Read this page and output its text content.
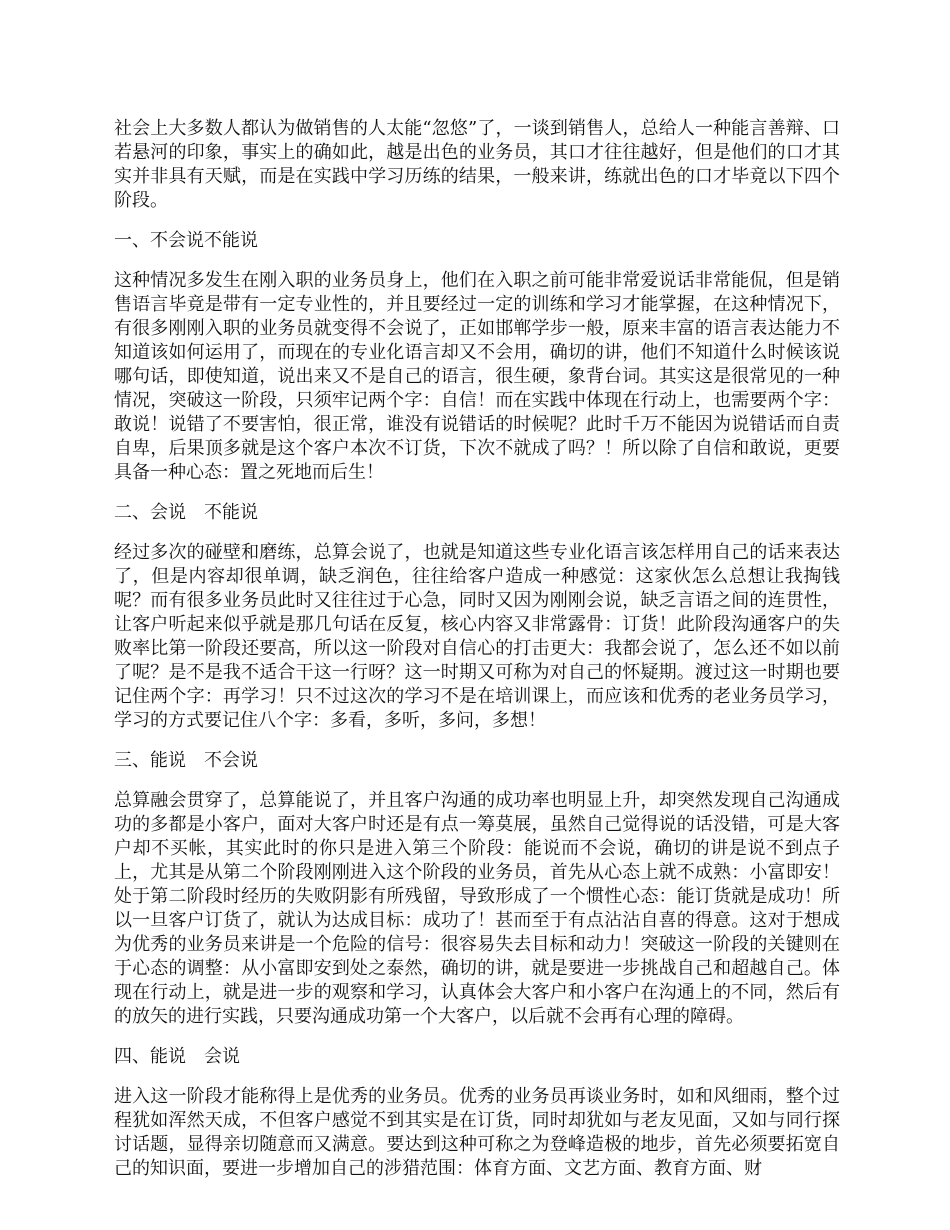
社会上大多数人都认为做销售的人太能“忽悠”了，一谈到销售人，总给人一种能言善辩、口若悬河的印象，事实上的确如此，越是出色的业务员，其口才往往越好，但是他们的口才其实并非具有天赋，而是在实践中学习历练的结果，一般来讲，练就出色的口才毕竟以下四个阶段。

一、不会说不能说

这种情况多发生在刚入职的业务员身上，他们在入职之前可能非常爱说话非常能侃，但是销售语言毕竟是带有一定专业性的，并且要经过一定的训练和学习才能掌握，在这种情况下，有很多刚刚入职的业务员就变得不会说了，正如邯郸学步一般，原来丰富的语言表达能力不知道该如何运用了，而现在的专业化语言却又不会用，确切的讲，他们不知道什么时候该说哪句话，即使知道，说出来又不是自己的语言，很生硬，象背台词。其实这是很常见的一种情况，突破这一阶段，只须牢记两个字：自信！而在实践中体现在行动上，也需要两个字：敢说！说错了不要害怕，很正常，谁没有说错话的时候呢？此时千万不能因为说错话而自责自卑，后果顶多就是这个客户本次不订货，下次不就成了吗？！所以除了自信和敢说，更要具备一种心态：置之死地而后生！

二、会说　不能说

经过多次的碰壁和磨练，总算会说了，也就是知道这些专业化语言该怎样用自己的话来表达了，但是内容却很单调，缺乏润色，往往给客户造成一种感觉：这家伙怎么总想让我掏钱呢？而有很多业务员此时又往往过于心急，同时又因为刚刚会说，缺乏言语之间的连贯性，让客户听起来似乎就是那几句话在反复，核心内容又非常露骨：订货！此阶段沟通客户的失败率比第一阶段还要高，所以这一阶段对自信心的打击更大：我都会说了，怎么还不如以前了呢？是不是我不适合干这一行呀？这一时期又可称为对自己的怀疑期。渡过这一时期也要记住两个字：再学习！只不过这次的学习不是在培训课上，而应该和优秀的老业务员学习，学习的方式要记住八个字：多看，多听，多问，多想！

三、能说　不会说

总算融会贯穿了，总算能说了，并且客户沟通的成功率也明显上升，却突然发现自己沟通成功的多都是小客户，面对大客户时还是有点一筹莫展，虽然自己觉得说的话没错，可是大客户却不买帐，其实此时的你只是进入第三个阶段：能说而不会说，确切的讲是说不到点子上，尤其是从第二个阶段刚刚进入这个阶段的业务员，首先从心态上就不成熟：小富即安！处于第二阶段时经历的失败阴影有所残留，导致形成了一个惯性心态：能订货就是成功！所以一旦客户订货了，就认为达成目标：成功了！甚而至于有点沾沾自喜的得意。这对于想成为优秀的业务员来讲是一个危险的信号：很容易失去目标和动力！突破这一阶段的关键则在于心态的调整：从小富即安到处之泰然，确切的讲，就是要进一步挑战自己和超越自己。体现在行动上，就是进一步的观察和学习，认真体会大客户和小客户在沟通上的不同，然后有的放矢的进行实践，只要沟通成功第一个大客户，以后就不会再有心理的障碍。

四、能说　会说

进入这一阶段才能称得上是优秀的业务员。优秀的业务员再谈业务时，如和风细雨，整个过程犹如浑然天成，不但客户感觉不到其实是在订货，同时却犹如与老友见面，又如与同行探讨话题，显得亲切随意而又满意。要达到这种可称之为登峰造极的地步，首先必须要拓宽自己的知识面，要进一步增加自己的涉猎范围：体育方面、文艺方面、教育方面、财
